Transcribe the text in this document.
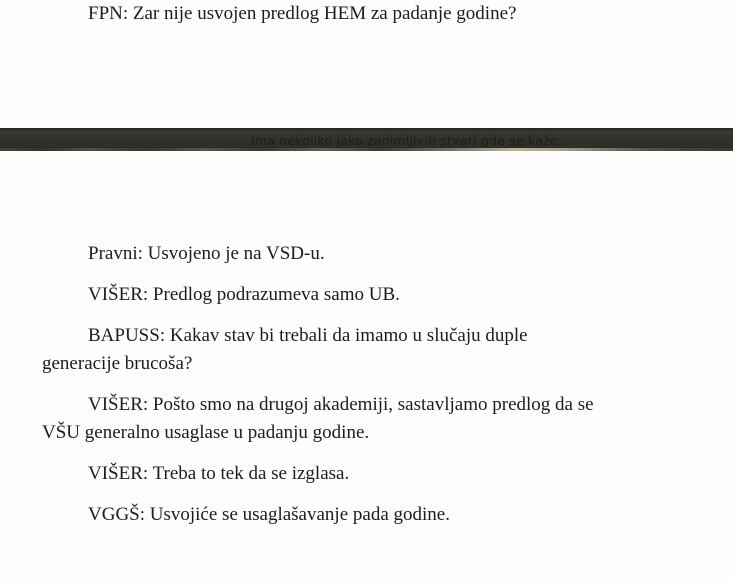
FPN: Zar nije usvojen predlog HEM za padanje godine?
Ima nekoliko jako zanimljivih stvari gde se kaže:
Pravni: Usvojeno je na VSD-u.
VIŠER: Predlog podrazumeva samo UB.
BAPUSS: Kakav stav bi trebali da imamo u slučaju duple
generacije brucoša?
VIŠER: Pošto smo na drugoj akademiji, sastavljamo predlog da se
VŠU generalno usaglase u padanju godine.
VIŠER: Treba to tek da se izglasa.
VGGŠ: Usvojiće se usaglašavanje pada godine.
